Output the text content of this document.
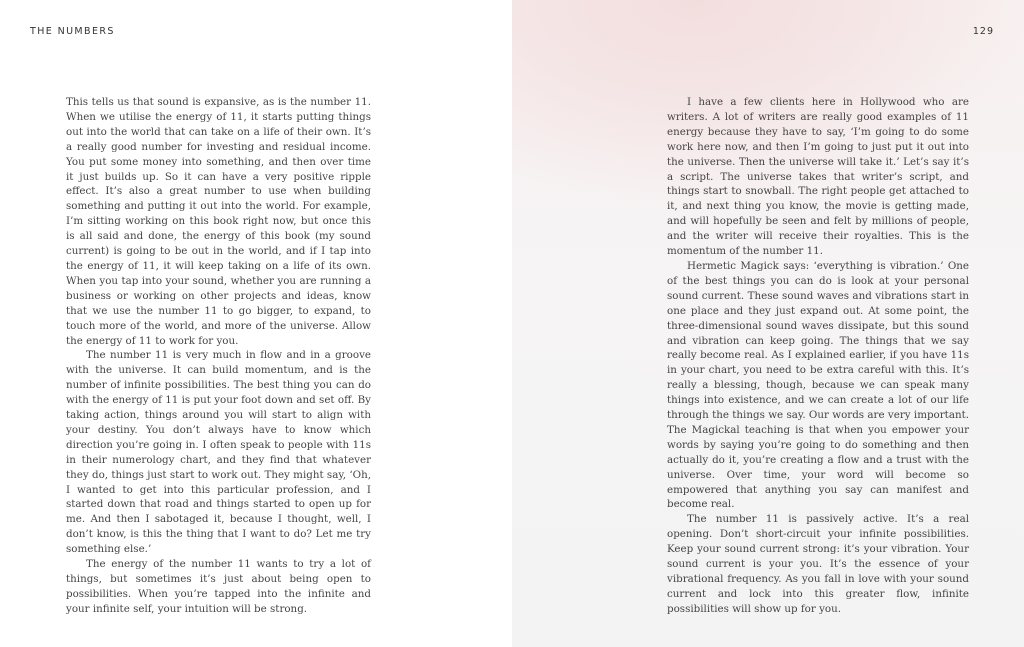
THE NUMBERS

This tells us that sound is expansive, as is the number 11. When we utilise the energy of 11, it starts putting things out into the world that can take on a life of their own. It’s a really good number for investing and residual income. You put some money into something, and then over time it just builds up. So it can have a very positive ripple effect. It’s also a great number to use when building something and putting it out into the world. For example, I’m sitting working on this book right now, but once this is all said and done, the energy of this book (my sound current) is going to be out in the world, and if I tap into the energy of 11, it will keep taking on a life of its own. When you tap into your sound, whether you are running a business or working on other projects and ideas, know that we use the number 11 to go bigger, to expand, to touch more of the world, and more of the universe. Allow the energy of 11 to work for you.

The number 11 is very much in flow and in a groove with the universe. It can build momentum, and is the number of infinite possibilities. The best thing you can do with the energy of 11 is put your foot down and set off. By taking action, things around you will start to align with your destiny. You don’t always have to know which direction you’re going in. I often speak to people with 11s in their numerology chart, and they find that whatever they do, things just start to work out. They might say, ‘Oh, I wanted to get into this particular profession, and I started down that road and things started to open up for me. And then I sabotaged it, because I thought, well, I don’t know, is this the thing that I want to do? Let me try something else.’

The energy of the number 11 wants to try a lot of things, but sometimes it’s just about being open to possibilities. When you’re tapped into the infinite and your infinite self, your intuition will be strong.

129

I have a few clients here in Hollywood who are writers. A lot of writers are really good examples of 11 energy because they have to say, ‘I’m going to do some work here now, and then I’m going to just put it out into the universe. Then the universe will take it.’ Let’s say it’s a script. The universe takes that writer’s script, and things start to snowball. The right people get attached to it, and next thing you know, the movie is getting made, and will hopefully be seen and felt by millions of people, and the writer will receive their royalties. This is the momentum of the number 11.

Hermetic Magick says: ‘everything is vibration.’ One of the best things you can do is look at your personal sound current. These sound waves and vibrations start in one place and they just expand out. At some point, the three-dimensional sound waves dissipate, but this sound and vibration can keep going. The things that we say really become real. As I explained earlier, if you have 11s in your chart, you need to be extra careful with this. It’s really a blessing, though, because we can speak many things into existence, and we can create a lot of our life through the things we say. Our words are very important. The Magickal teaching is that when you empower your words by saying you’re going to do something and then actually do it, you’re creating a flow and a trust with the universe. Over time, your word will become so empowered that anything you say can manifest and become real.

The number 11 is passively active. It’s a real opening. Don’t short-circuit your infinite possibilities. Keep your sound current strong: it’s your vibration. Your sound current is your you. It’s the essence of your vibrational frequency. As you fall in love with your sound current and lock into this greater flow, infinite possibilities will show up for you.
